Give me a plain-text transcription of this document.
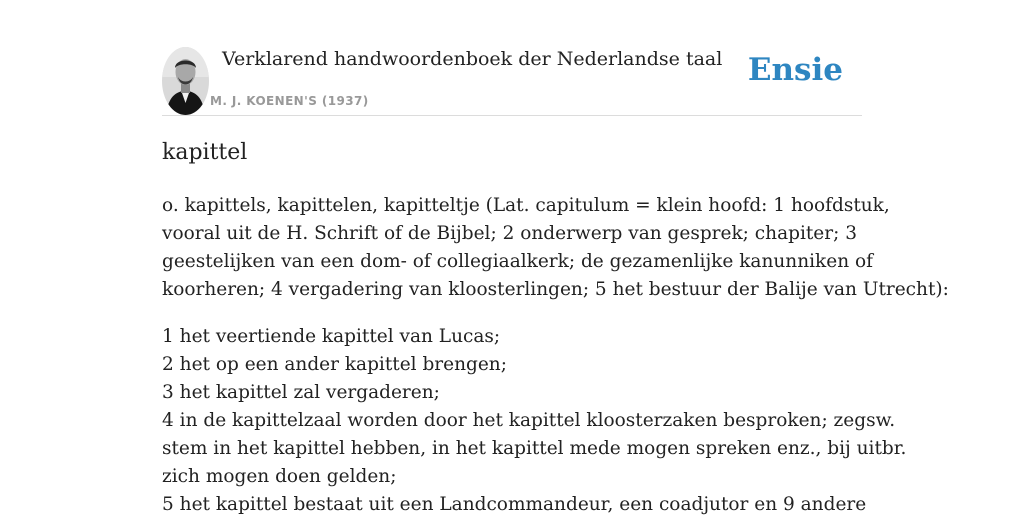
Verklarend handwoordenboek der Nederlandse taal
M. J. KOENEN'S (1937)
Ensie
kapittel

o. kapittels, kapittelen, kapitteltje (Lat. capitulum = klein hoofd: 1 hoofdstuk,
vooral uit de H. Schrift of de Bijbel; 2 onderwerp van gesprek; chapiter; 3
geestelijken van een dom- of collegiaalkerk; de gezamenlijke kanunniken of
koorheren; 4 vergadering van kloosterlingen; 5 het bestuur der Balije van Utrecht):

1 het veertiende kapittel van Lucas;
2 het op een ander kapittel brengen;
3 het kapittel zal vergaderen;
4 in de kapittelzaal worden door het kapittel kloosterzaken besproken; zegsw.
stem in het kapittel hebben, in het kapittel mede mogen spreken enz., bij uitbr.
zich mogen doen gelden;
5 het kapittel bestaat uit een Landcommandeur, een coadjutor en 9 andere
